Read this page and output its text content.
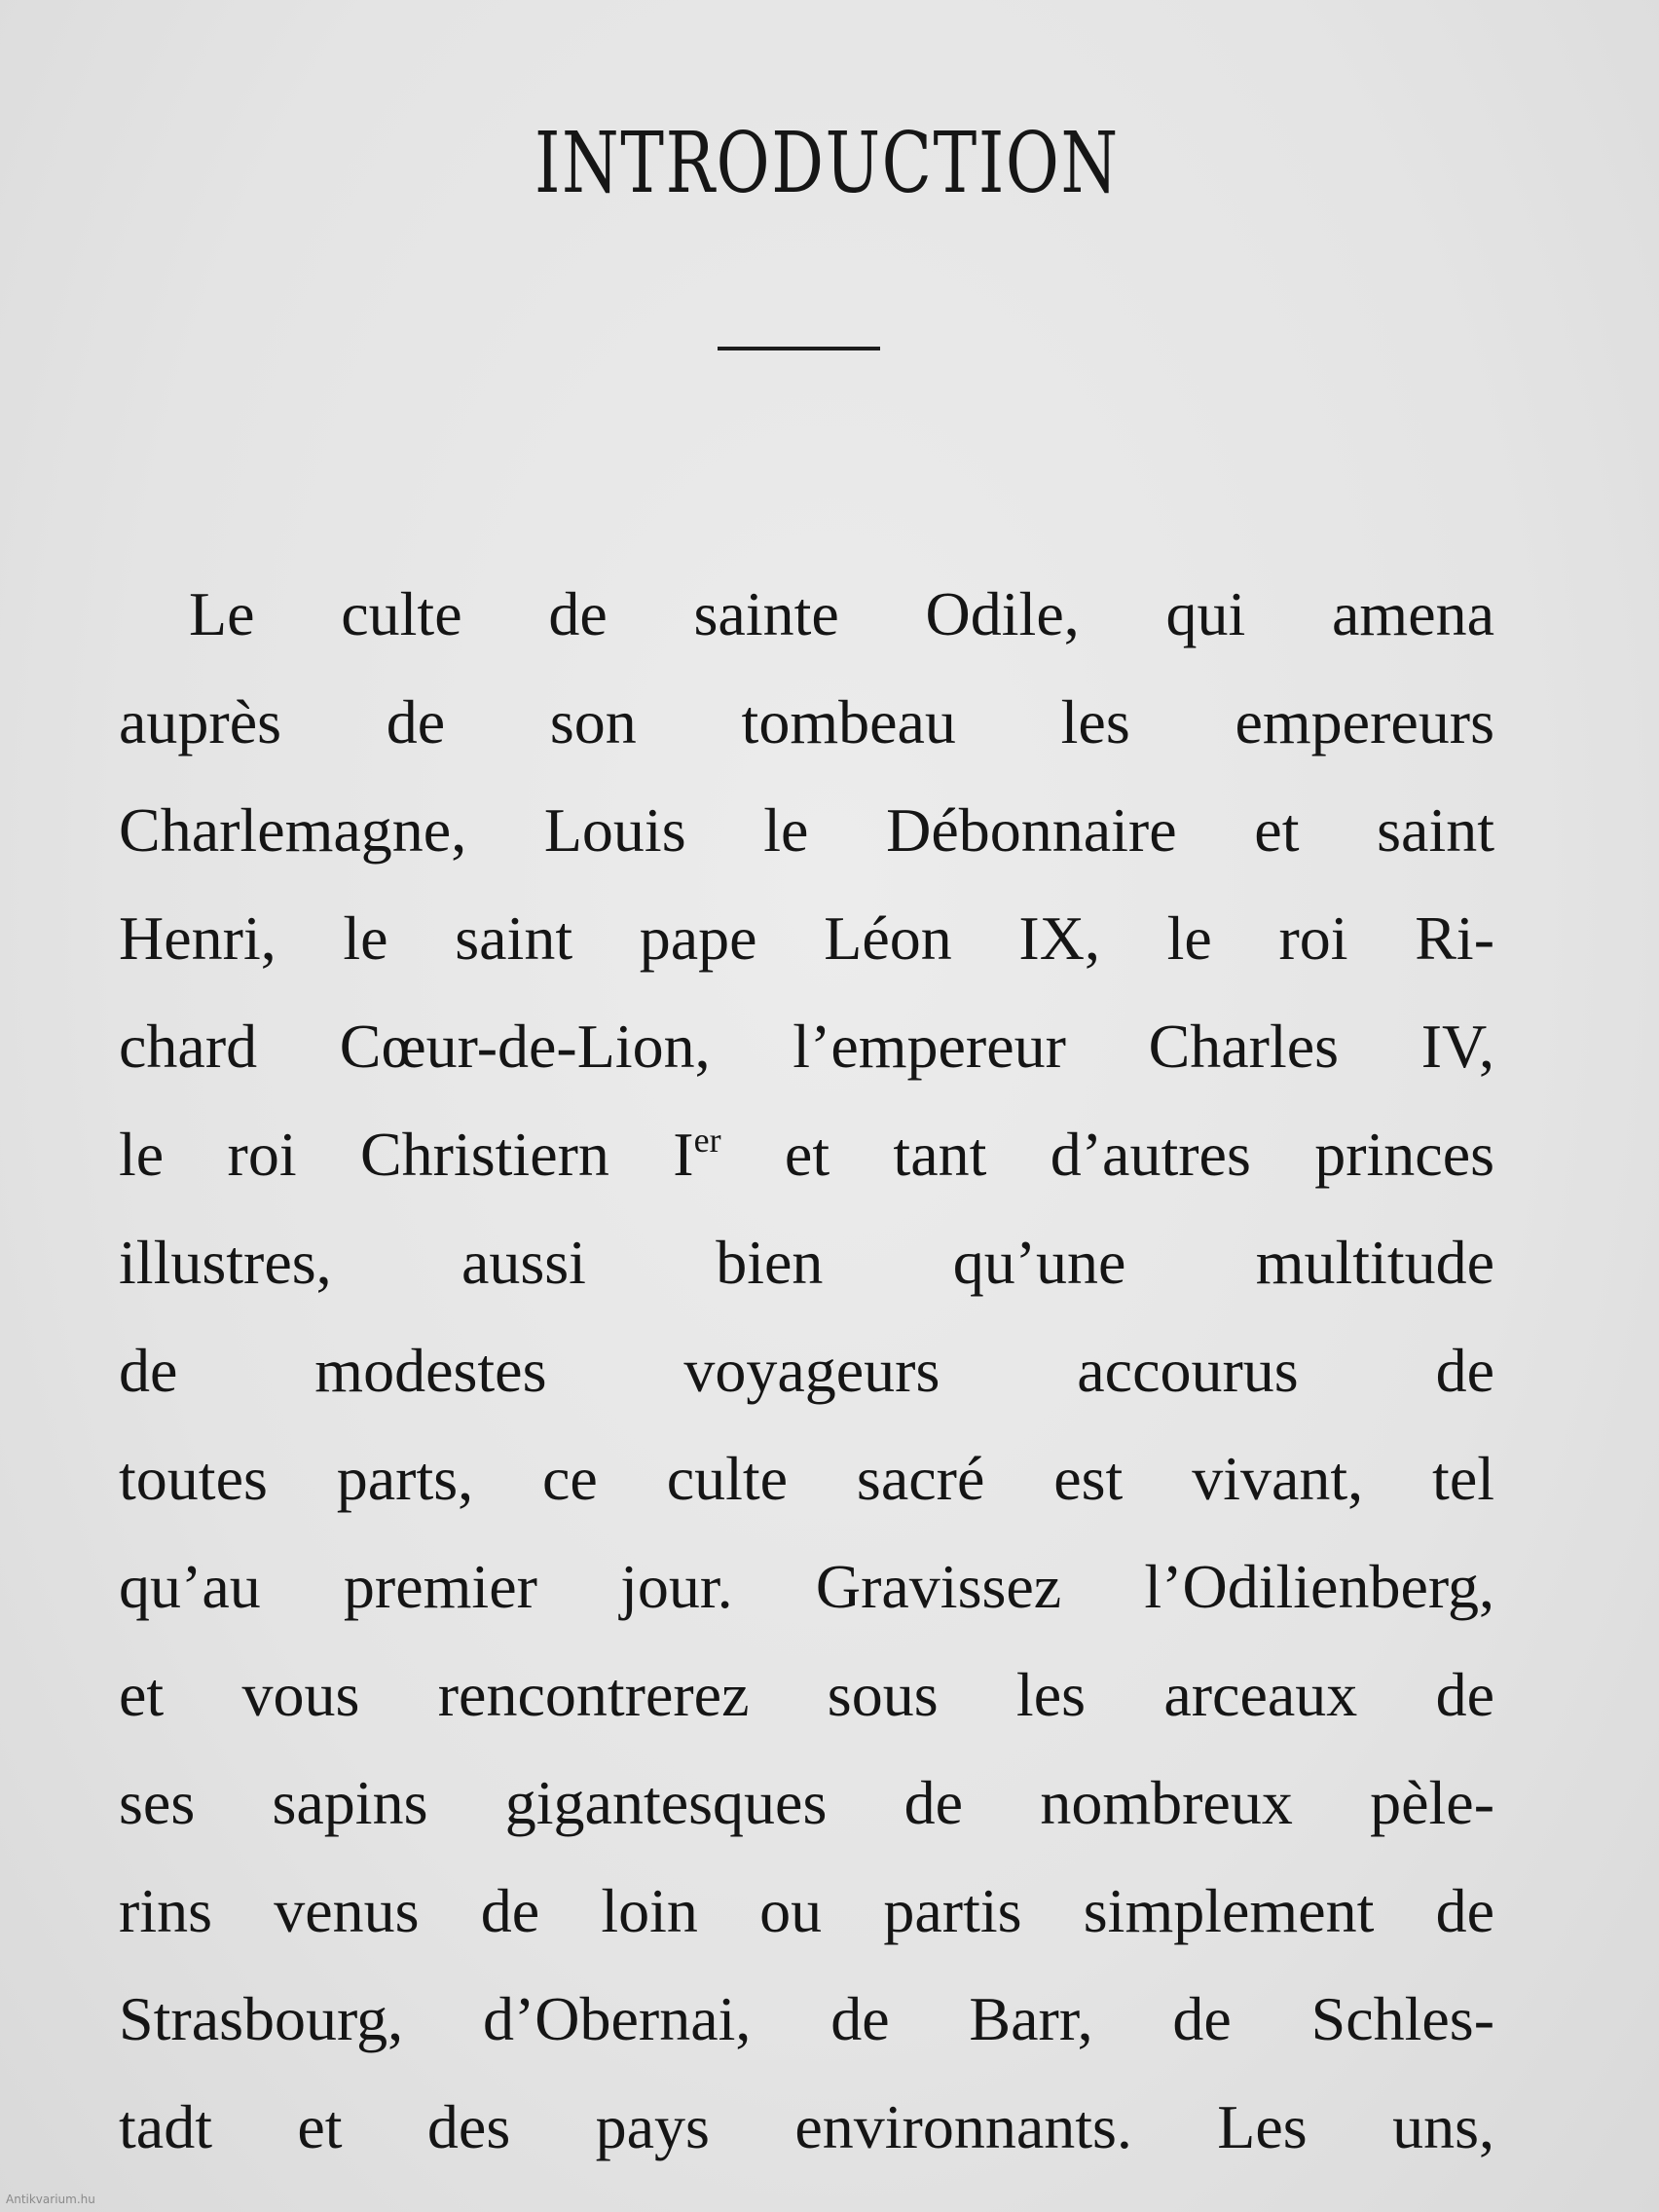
INTRODUCTION
Le culte de sainte Odile, qui amena
auprès de son tombeau les empereurs
Charlemagne, Louis le Débonnaire et saint
Henri, le saint pape Léon IX, le roi Ri-
chard Cœur-de-Lion, l’empereur Charles IV,
le roi Christiern Ier et tant d’autres princes
illustres, aussi bien qu’une multitude
de modestes voyageurs accourus de
toutes parts, ce culte sacré est vivant, tel
qu’au premier jour. Gravissez l’Odilienberg,
et vous rencontrerez sous les arceaux de
ses sapins gigantesques de nombreux pèle-
rins venus de loin ou partis simplement de
Strasbourg, d’Obernai, de Barr, de Schles-
tadt et des pays environnants. Les uns,
Antikvarium.hu
